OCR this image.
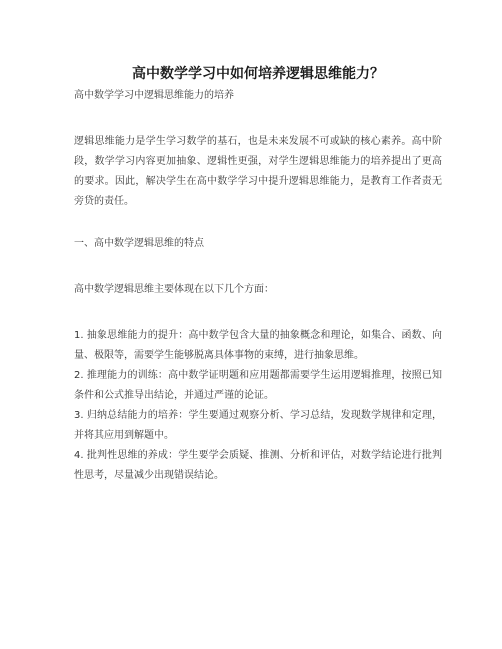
高中数学学习中如何培养逻辑思维能力？

高中数学学习中逻辑思维能力的培养

逻辑思维能力是学生学习数学的基石，也是未来发展不可或缺的核心素养。高中阶段，数学学习内容更加抽象、逻辑性更强，对学生逻辑思维能力的培养提出了更高的要求。因此，解决学生在高中数学学习中提升逻辑思维能力，是教育工作者责无旁贷的责任。

一、高中数学逻辑思维的特点

高中数学逻辑思维主要体现在以下几个方面：

1. 抽象思维能力的提升：高中数学包含大量的抽象概念和理论，如集合、函数、向量、极限等，需要学生能够脱离具体事物的束缚，进行抽象思维。

2. 推理能力的训练：高中数学证明题和应用题都需要学生运用逻辑推理，按照已知条件和公式推导出结论，并通过严谨的论证。

3. 归纳总结能力的培养：学生要通过观察分析、学习总结，发现数学规律和定理，并将其应用到解题中。

4. 批判性思维的养成：学生要学会质疑、推测、分析和评估，对数学结论进行批判性思考，尽量减少出现错误结论。
